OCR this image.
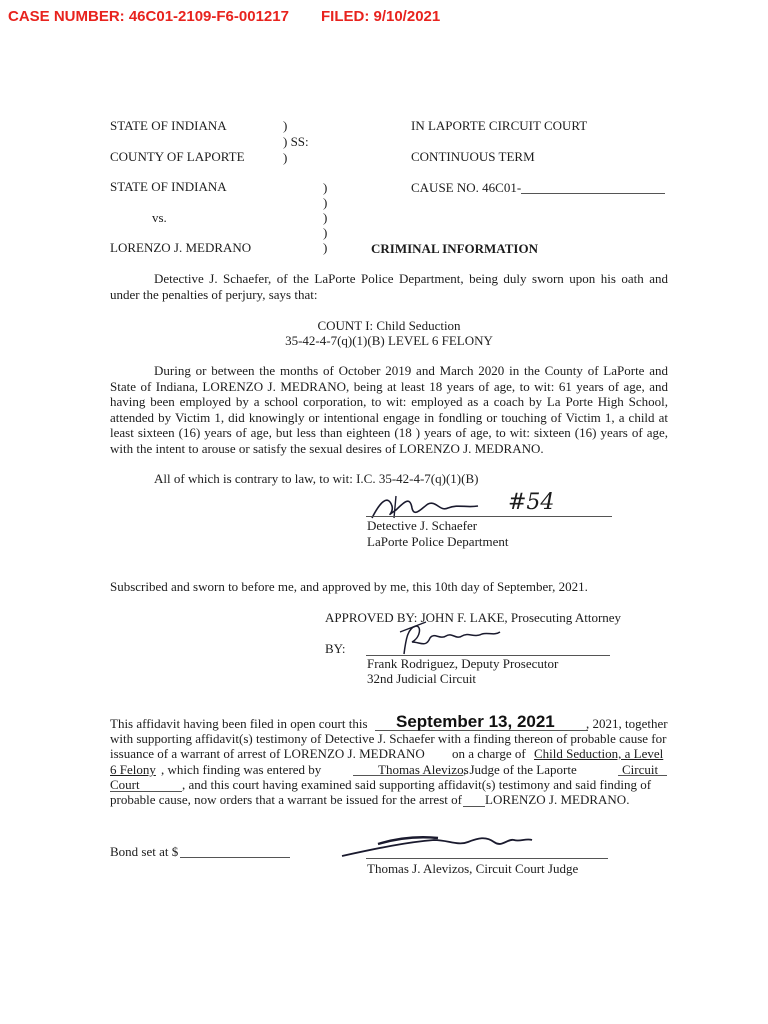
CASE NUMBER: 46C01-2109-F6-001217 FILED: 9/10/2021
STATE OF INDIANA	)
) SS:
)
IN LAPORTE CIRCUIT COURT
COUNTY OF LAPORTE	CONTINUOUS TERM
STATE OF INDIANA	CAUSE NO. 46C01-
)
)
)
)
)
vs.
LORENZO J. MEDRANO	CRIMINAL INFORMATION
Detective J. Schaefer, of the LaPorte Police Department, being duly sworn upon his oath and under the penalties of perjury, says that:
COUNT I: Child Seduction
35-42-4-7(q)(1)(B) LEVEL 6 FELONY
During or between the months of October 2019 and March 2020 in the County of LaPorte and State of Indiana, LORENZO J. MEDRANO, being at least 18 years of age, to wit: 61 years of age, and having been employed by a school corporation, to wit: employed as a coach by La Porte High School, attended by Victim 1, did knowingly or intentional engage in fondling or touching of Victim 1, a child at least sixteen (16) years of age, but less than eighteen (18 ) years of age, to wit: sixteen (16) years of age, with the intent to arouse or satisfy the sexual desires of LORENZO J. MEDRANO.
All of which is contrary to law, to wit: I.C. 35-42-4-7(q)(1)(B)
#54
Detective J. Schaefer
LaPorte Police Department
Subscribed and sworn to before me, and approved by me, this 10th day of September, 2021.
APPROVED BY: JOHN F. LAKE, Prosecuting Attorney
BY:
Frank Rodriguez, Deputy Prosecutor
32nd Judicial Circuit
This affidavit having been filed in open court this September 13, 2021 , 2021, together
with supporting affidavit(s) testimony of Detective J. Schaefer with a finding thereon of probable cause for
issuance of a warrant of arrest of LORENZO J. MEDRANO on a charge of Child Seduction, a Level
6 Felony , which finding was entered by	Thomas Alevizos
, Judge of the Laporte	Circuit
Court	, and this court having examined said supporting affidavit(s) testimony and said finding of
probable cause, now orders that a warrant be issued for the arrest of LORENZO J. MEDRANO.
Bond set at $
Thomas J. Alevizos, Circuit Court Judge
